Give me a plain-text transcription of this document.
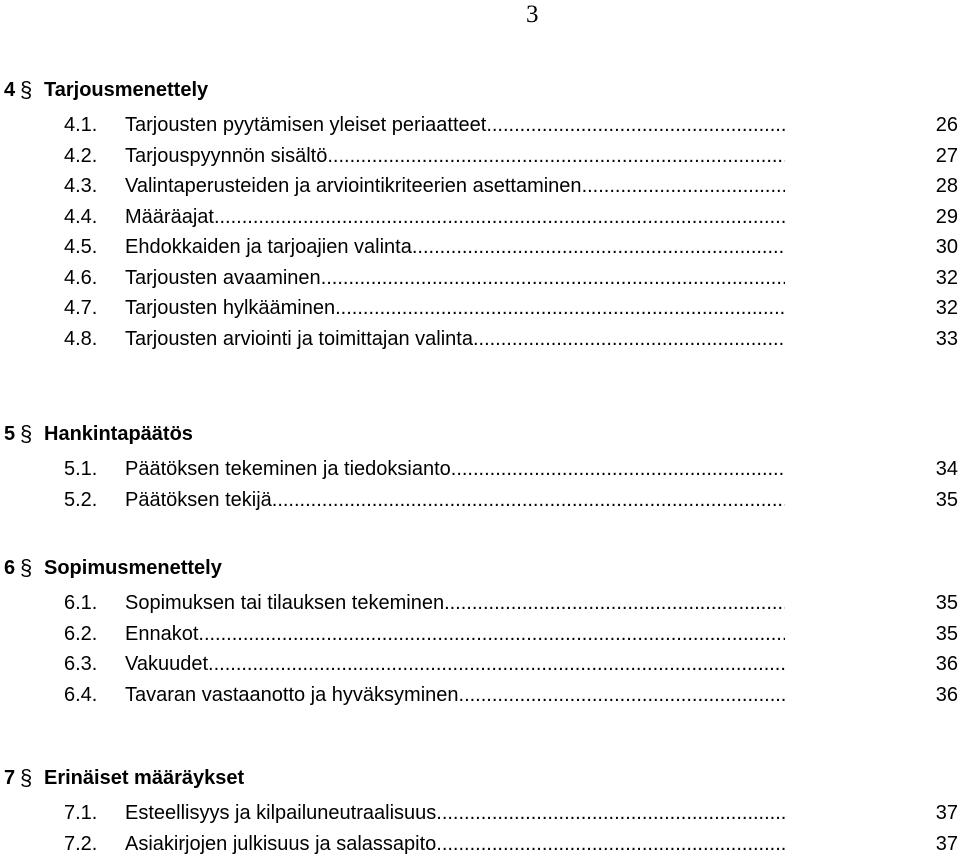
3
4 § Tarjousmenettely
4.1. Tarjousten pyytämisen yleiset periaatteet .....	26
4.2. Tarjouspyynnön sisältö .....	27
4.3. Valintaperusteiden ja arviointikriteerien asettaminen .....	28
4.4. Määräajat .....	29
4.5. Ehdokkaiden ja tarjoajien valinta .....	30
4.6. Tarjousten avaaminen .....	32
4.7. Tarjousten hylkääminen .....	32
4.8. Tarjousten arviointi ja toimittajan valinta .....	33
5 § Hankintapäätös
5.1. Päätöksen tekeminen ja tiedoksianto .....	34
5.2. Päätöksen tekijä .....	35
6 § Sopimusmenettely
6.1. Sopimuksen tai tilauksen tekeminen .....	35
6.2. Ennakot .....	35
6.3. Vakuudet .....	36
6.4. Tavaran vastaanotto ja hyväksyminen .....	36
7 § Erinäiset määräykset
7.1. Esteellisyys ja kilpailuneutraalisuus .....	37
7.2. Asiakirjojen julkisuus ja salassapito .....	37
